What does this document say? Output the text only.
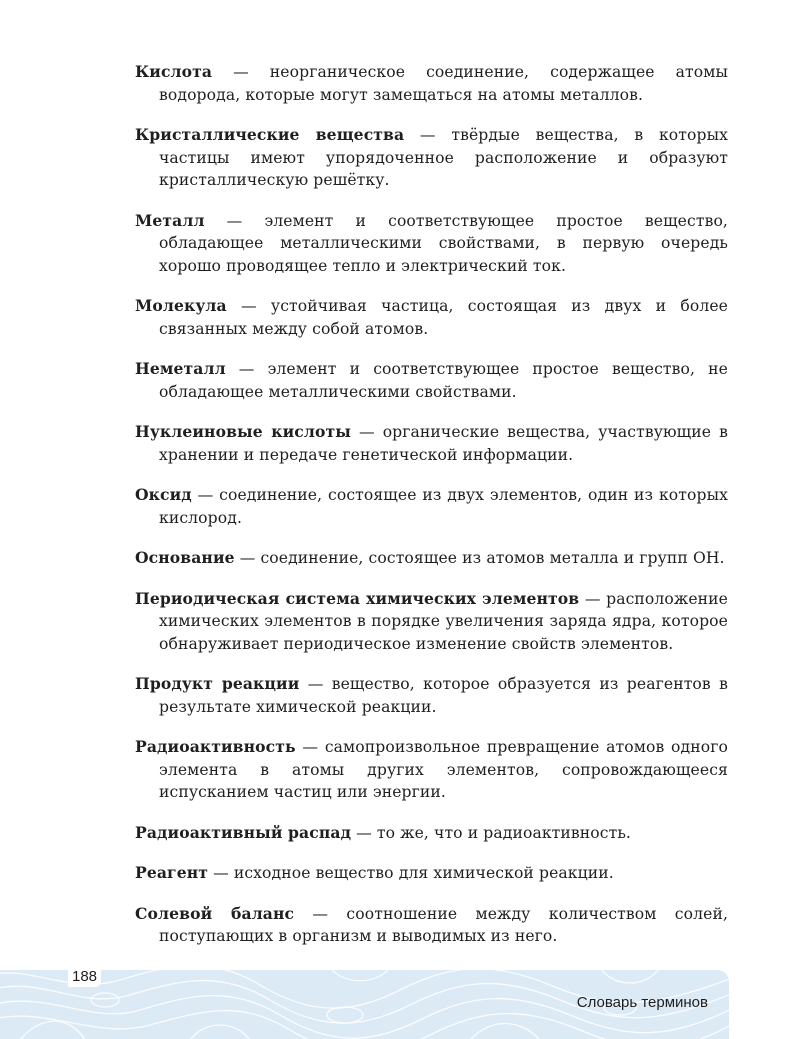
Кислота — неорганическое соединение, содержащее атомы водорода, которые могут замещаться на атомы металлов.

Кристаллические вещества — твёрдые вещества, в которых частицы имеют упорядоченное расположение и образуют кристаллическую решётку.

Металл — элемент и соответствующее простое вещество, обладающее металлическими свойствами, в первую очередь хорошо проводящее тепло и электрический ток.

Молекула — устойчивая частица, состоящая из двух и более связанных между собой атомов.

Неметалл — элемент и соответствующее простое вещество, не обладающее металлическими свойствами.

Нуклеиновые кислоты — органические вещества, участвующие в хранении и передаче генетической информации.

Оксид — соединение, состоящее из двух элементов, один из которых кислород.

Основание — соединение, состоящее из атомов металла и групп ОН.

Периодическая система химических элементов — расположение химических элементов в порядке увеличения заряда ядра, которое обнаруживает периодическое изменение свойств элементов.

Продукт реакции — вещество, которое образуется из реагентов в результате химической реакции.

Радиоактивность — самопроизвольное превращение атомов одного элемента в атомы других элементов, сопровождающееся испусканием частиц или энергии.

Радиоактивный распад — то же, что и радиоактивность.

Реагент — исходное вещество для химической реакции.

Солевой баланс — соотношение между количеством солей, поступающих в организм и выводимых из него.

188
Словарь терминов
